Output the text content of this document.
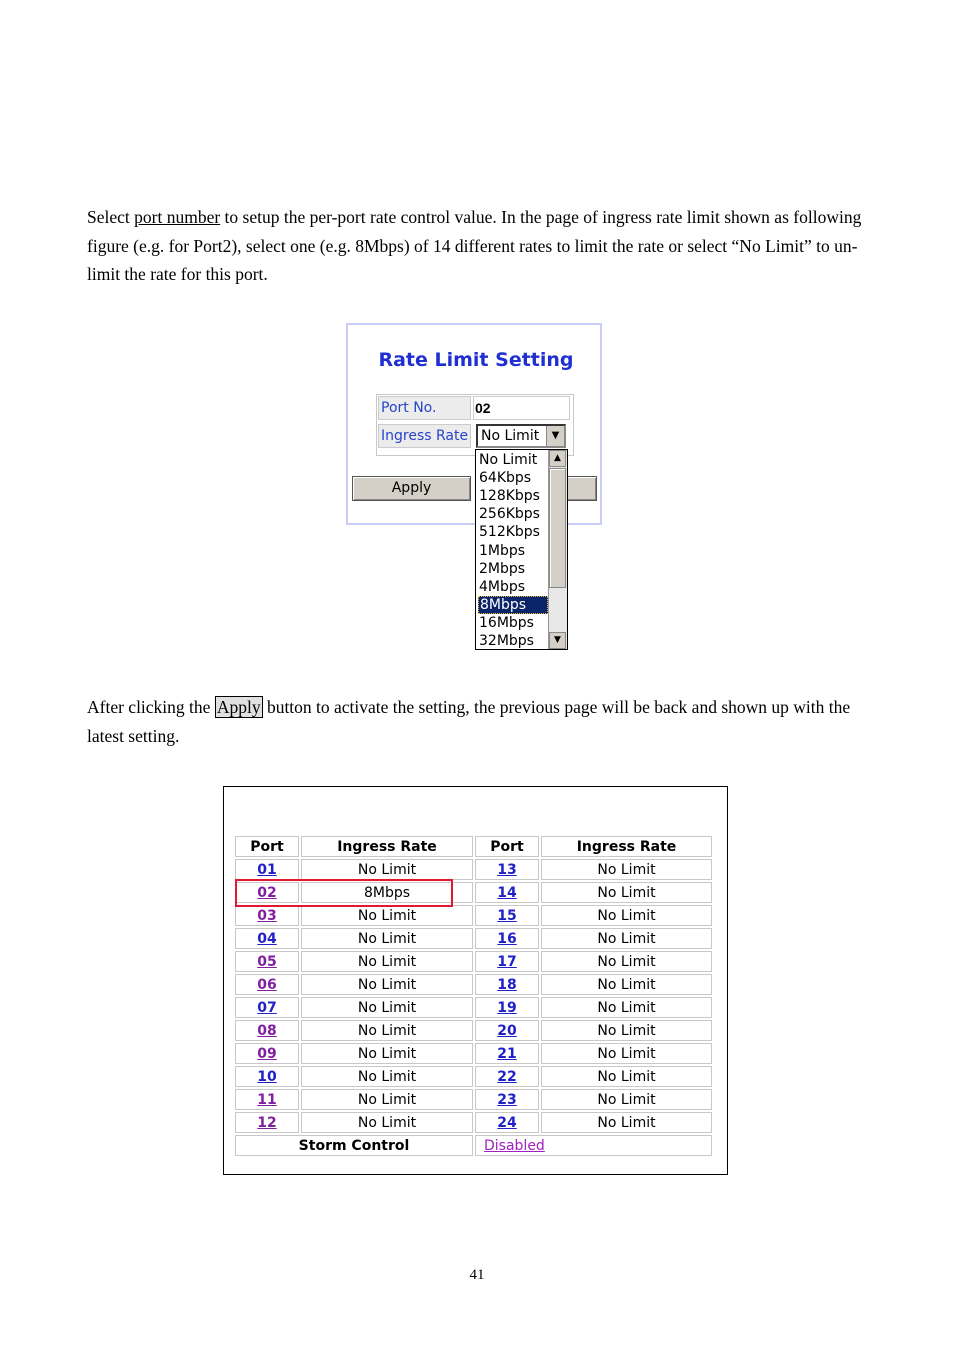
Select port number to setup the per-port rate control value. In the page of ingress rate limit shown as following figure (e.g. for Port2), select one (e.g. 8Mbps) of 14 different rates to limit the rate or select “No Limit” to un-limit the rate for this port.
Rate Limit Setting
Port No.	02
Ingress Rate No Limit	▼
Apply
No Limit
64Kbps
128Kbps
256Kbps
512Kbps
1Mbps
2Mbps
4Mbps
8Mbps
16Mbps
32Mbps
▲
▼
After clicking the Apply button to activate the setting, the previous page will be back and shown up with the latest setting.
Port	Ingress Rate	Port	Ingress Rate
01	No Limit	13	No Limit
02	8Mbps	14	No Limit
03	No Limit	15	No Limit
04	No Limit	16	No Limit
05	No Limit	17	No Limit
06	No Limit	18	No Limit
07	No Limit	19	No Limit
08	No Limit	20	No Limit
09	No Limit	21	No Limit
10	No Limit	22	No Limit
11	No Limit	23	No Limit
12	No Limit	24	No Limit
Storm Control		Disabled	
41
